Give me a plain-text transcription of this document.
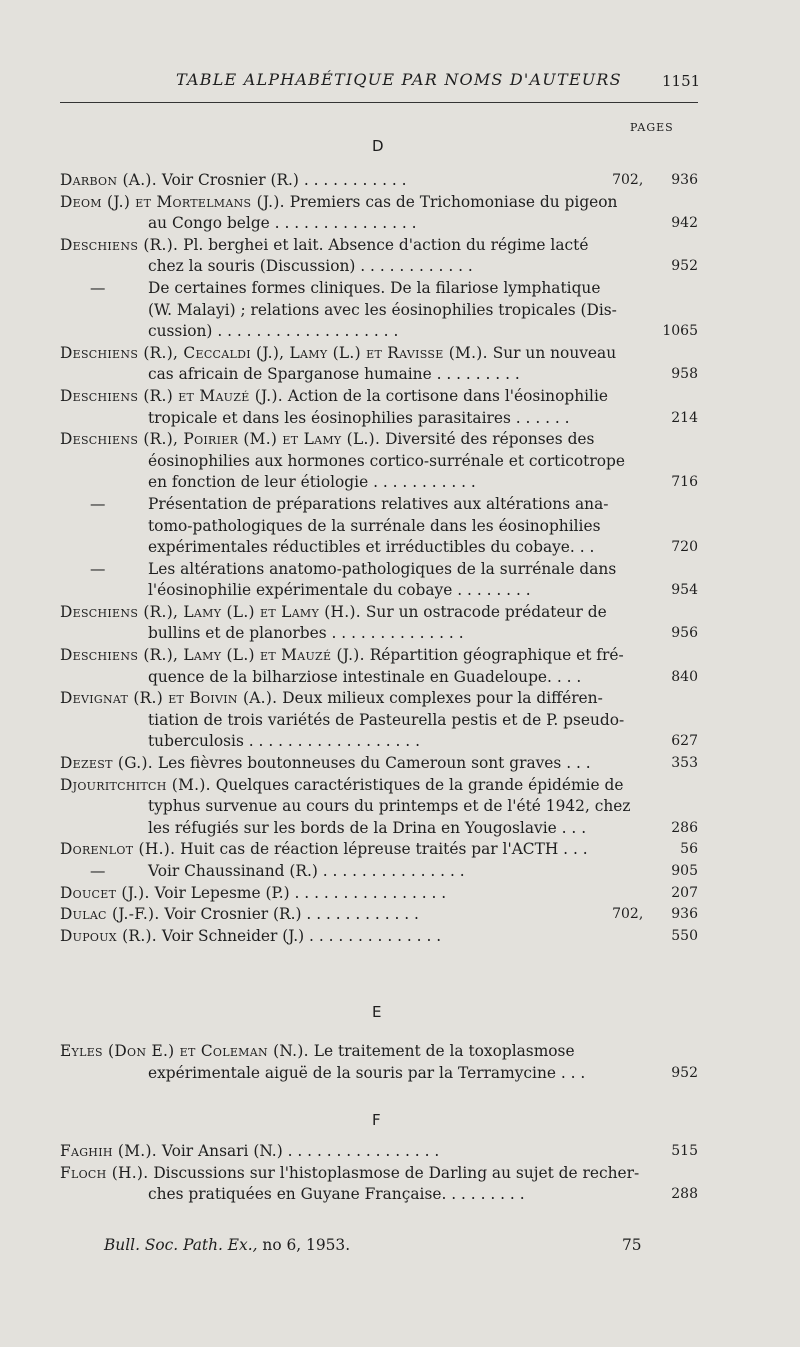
TABLE ALPHABÉTIQUE PAR NOMS D'AUTEURS	1151
PAGES
D
Darbon (A.). Voir Crosnier (R.) . . . . . . . . . . .	702,   936
Deom (J.) et Mortelmans (J.). Premiers cas de Trichomoniase du pigeon
au Congo belge . . . . . . . . . . . . . . .	942
Deschiens (R.). Pl. berghei et lait. Absence d'action du régime lacté
chez la souris (Discussion) . . . . . . . . . . . .	952
—	De certaines formes cliniques. De la filariose lymphatique
(W. Malayi) ; relations avec les éosinophilies tropicales (Dis-
cussion) . . . . . . . . . . . . . . . . . . .	1065
Deschiens (R.), Ceccaldi (J.), Lamy (L.) et Ravisse (M.). Sur un nouveau
cas africain de Sparganose humaine . . . . . . . . .	958
Deschiens (R.) et Mauzé (J.). Action de la cortisone dans l'éosinophilie
tropicale et dans les éosinophilies parasitaires . . . . . .	214
Deschiens (R.), Poirier (M.) et Lamy (L.). Diversité des réponses des
éosinophilies aux hormones cortico-surrénale et corticotrope
en fonction de leur étiologie . . . . . . . . . . .	716
—	Présentation de préparations relatives aux altérations ana-
tomo-pathologiques de la surrénale dans les éosinophilies
expérimentales réductibles et irréductibles du cobaye. . .	720
—	Les altérations anatomo-pathologiques de la surrénale dans
l'éosinophilie expérimentale du cobaye . . . . . . . .	954
Deschiens (R.), Lamy (L.) et Lamy (H.). Sur un ostracode prédateur de
bullins et de planorbes . . . . . . . . . . . . . .	956
Deschiens (R.), Lamy (L.) et Mauzé (J.). Répartition géographique et fré-
quence de la bilharziose intestinale en Guadeloupe. . . .	840
Devignat (R.) et Boivin (A.). Deux milieux complexes pour la différen-
tiation de trois variétés de Pasteurella pestis et de P. pseudo-
tuberculosis . . . . . . . . . . . . . . . . . .	627
Dezest (G.). Les fièvres boutonneuses du Cameroun sont graves . . .	353
Djouritchitch (M.). Quelques caractéristiques de la grande épidémie de
typhus survenue au cours du printemps et de l'été 1942, chez
les réfugiés sur les bords de la Drina en Yougoslavie . . .	286
Dorenlot (H.). Huit cas de réaction lépreuse traités par l'ACTH . . .	56
—	Voir Chaussinand (R.) . . . . . . . . . . . . . . .	905
Doucet (J.). Voir Lepesme (P.) . . . . . . . . . . . . . . . .	207
Dulac (J.-F.). Voir Crosnier (R.) . . . . . . . . . . . .	702,   936
Dupoux (R.). Voir Schneider (J.) . . . . . . . . . . . . . .	550
E
Eyles (Don E.) et Coleman (N.). Le traitement de la toxoplasmose
expérimentale aiguë de la souris par la Terramycine . . .	952
F
Faghih (M.). Voir Ansari (N.) . . . . . . . . . . . . . . . .	515
Floch (H.). Discussions sur l'histoplasmose de Darling au sujet de recher-
ches pratiquées en Guyane Française. . . . . . . . .	288
Bull. Soc. Path. Ex., no 6, 1953.	75
